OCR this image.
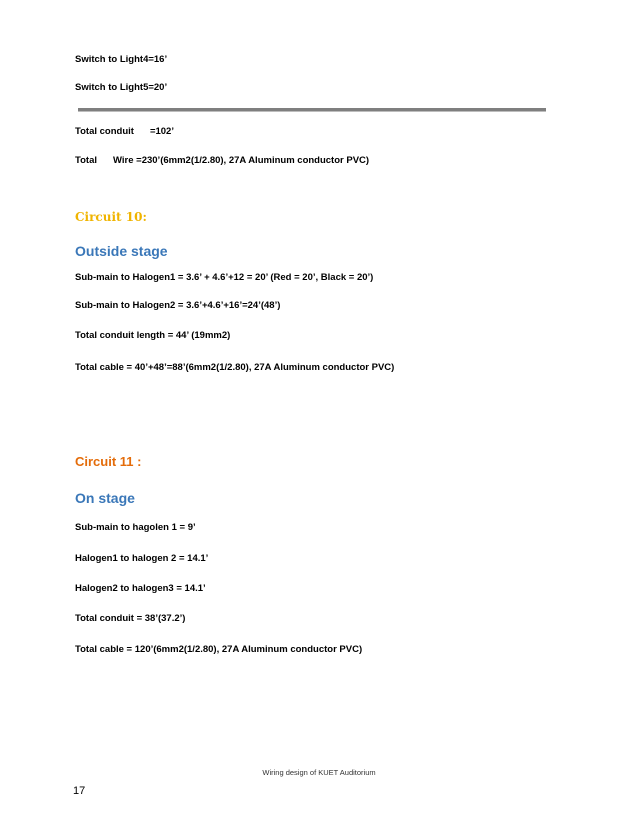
Switch to Light4=16’

Switch to Light5=20’

Total conduit =102’

Total Wire =230’(6mm2(1/2.80), 27A Aluminum conductor PVC)

Circuit 10:
Outside stage

Sub-main to Halogen1 = 3.6’ + 4.6’+12 = 20’ (Red = 20’, Black = 20’)

Sub-main to Halogen2 = 3.6’+4.6’+16’=24’(48’)

Total conduit length = 44’ (19mm2)

Total cable = 40’+48’=88’(6mm2(1/2.80), 27A Aluminum conductor PVC)

Circuit 11 :
On stage

Sub-main to hagolen 1 = 9’

Halogen1 to halogen 2 = 14.1’

Halogen2 to halogen3 = 14.1’

Total conduit = 38’(37.2’)

Total cable = 120’(6mm2(1/2.80), 27A Aluminum conductor PVC)

Wiring design of KUET Auditorium

17
